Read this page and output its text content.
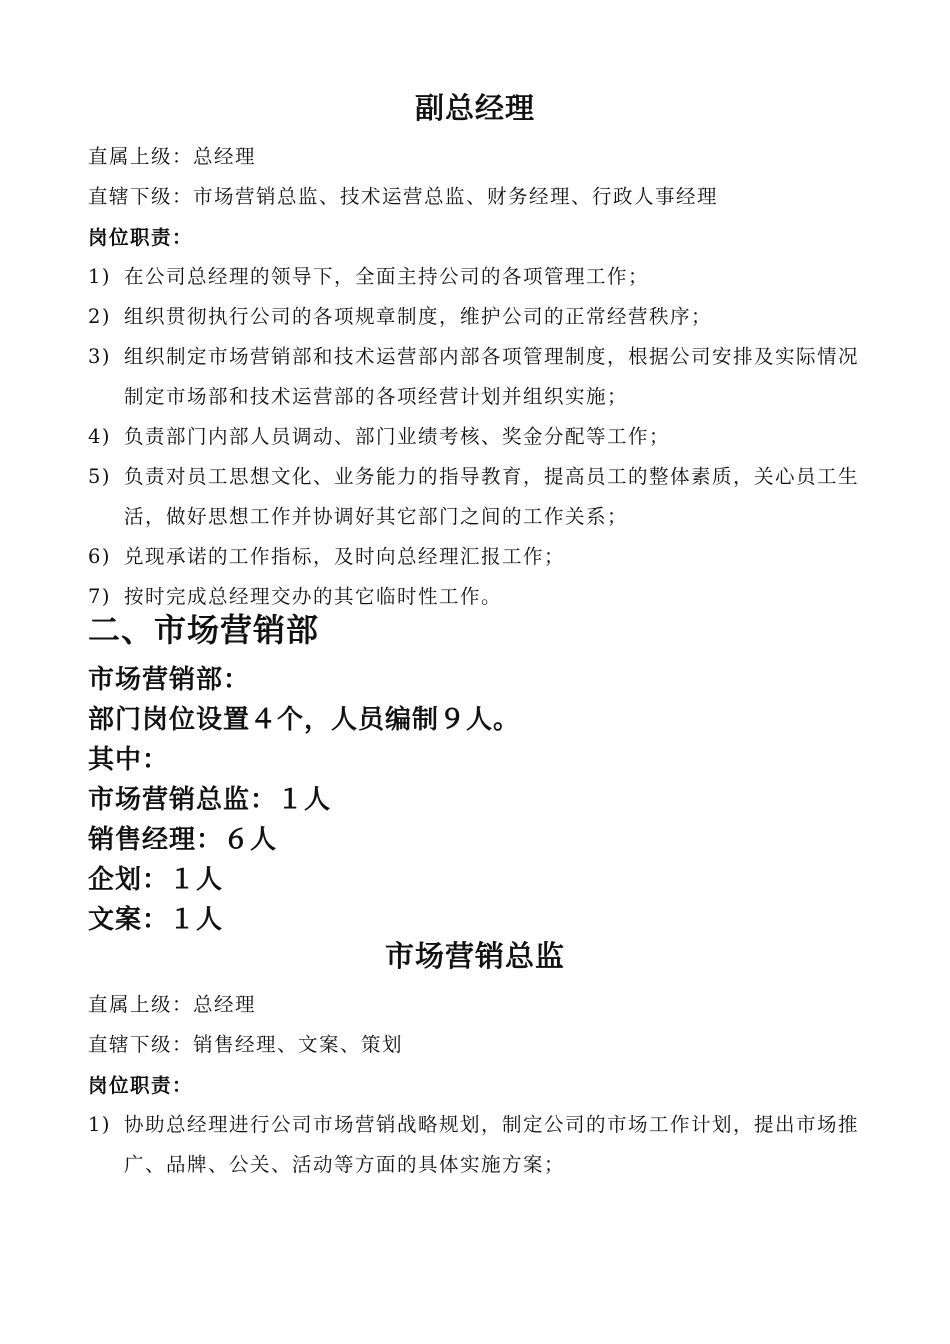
副总经理
直属上级：总经理
直辖下级：市场营销总监、技术运营总监、财务经理、行政人事经理
岗位职责：
1) 在公司总经理的领导下，全面主持公司的各项管理工作；
2) 组织贯彻执行公司的各项规章制度，维护公司的正常经营秩序；
3) 组织制定市场营销部和技术运营部内部各项管理制度，根据公司安排及实际情况制定市场部和技术运营部的各项经营计划并组织实施；
4) 负责部门内部人员调动、部门业绩考核、奖金分配等工作；
5) 负责对员工思想文化、业务能力的指导教育，提高员工的整体素质，关心员工生活，做好思想工作并协调好其它部门之间的工作关系；
6) 兑现承诺的工作指标，及时向总经理汇报工作；
7) 按时完成总经理交办的其它临时性工作。
二、市场营销部
市场营销部：
部门岗位设置４个，人员编制９人。
其中：
市场营销总监：１人
销售经理：６人
企划：１人
文案：１人
市场营销总监
直属上级：总经理
直辖下级：销售经理、文案、策划
岗位职责：
1) 协助总经理进行公司市场营销战略规划，制定公司的市场工作计划，提出市场推广、品牌、公关、活动等方面的具体实施方案；
